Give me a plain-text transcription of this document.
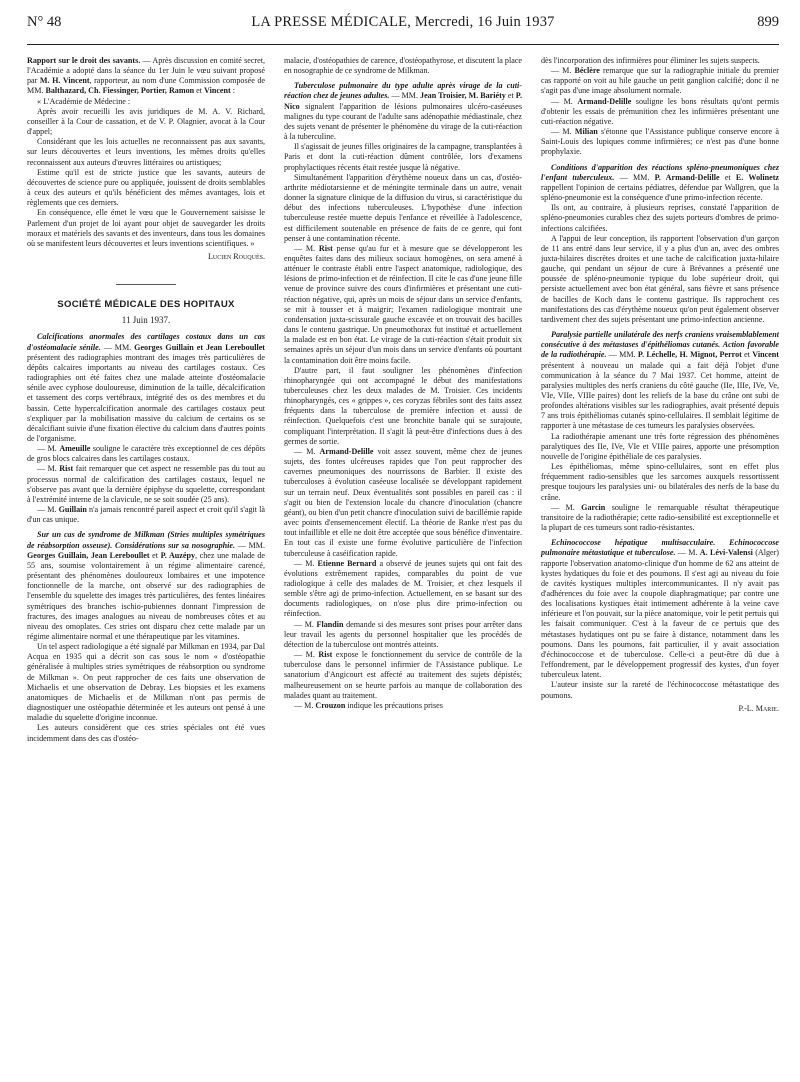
N° 48	LA PRESSE MÉDICALE, Mercredi, 16 Juin 1937	899

Rapport sur le droit des savants. — Après discussion en comité secret, l'Académie a adopté dans la séance du 1er Juin le vœu suivant proposé par M. H. Vincent, rapporteur, au nom d'une Commission composée de MM. Balthazard, Ch. Fiessinger, Portier, Ramon et Vincent :

« L'Académie de Médecine :

Après avoir recueilli les avis juridiques de M. A. V. Richard, conseiller à la Cour de cassation, et de V. P. Olagnier, avocat à la Cour d'appel;

Considérant que les lois actuelles ne reconnaissent pas aux savants, sur leurs découvertes et leurs inventions, les mêmes droits qu'elles reconnaissent aux auteurs d'œuvres littéraires ou artistiques;

Estime qu'il est de stricte justice que les savants, auteurs de découvertes de science pure ou appliquée, jouissent de droits semblables à ceux des auteurs et qu'ils bénéficient des mêmes avantages, lois et règlements que ces derniers.

En conséquence, elle émet le vœu que le Gouvernement saisisse le Parlement d'un projet de loi ayant pour objet de sauvegarder les droits moraux et matériels des savants et des inventeurs, dans tous les domaines où se manifestent leurs découvertes et leurs inventions scientifiques. »

Lucien Rouquès.

SOCIÉTÉ MÉDICALE DES HOPITAUX
11 Juin 1937.

Calcifications anormales des cartilages costaux dans un cas d'ostéomalacie sénile. — MM. Georges Guillain et Jean Lereboullet présentent des radiographies montrant des images très particulières de dépôts calcaires importants au niveau des cartilages costaux. Ces radiographies ont été faites chez une malade atteinte d'ostéomalacie sénile avec cyphose douloureuse, diminution de la taille, décalcification et tassement des corps vertébraux, intégrité des os des membres et du bassin. Cette hypercalcification anormale des cartilages costaux peut s'expliquer par la mobilisation massive du calcium de certains os se décalcifiant suivie d'une fixation élective du calcium dans d'autres points de l'organisme.

— M. Ameuille souligne le caractère très exceptionnel de ces dépôts de gros blocs calcaires dans les cartilages costaux.

— M. Rist fait remarquer que cet aspect ne ressemble pas du tout au processus normal de calcification des cartilages costaux, lequel ne s'observe pas avant que la dernière épiphyse du squelette, correspondant à l'extrémité interne de la clavicule, ne se soit soudée (25 ans).

— M. Guillain n'a jamais rencontré pareil aspect et croit qu'il s'agit là d'un cas unique.

Sur un cas de syndrome de Milkman (Stries multiples symétriques de réabsorption osseuse). Considérations sur sa nosographie. — MM. Georges Guillain, Jean Lereboullet et P. Auzépy, chez une malade de 55 ans, soumise volontairement à un régime alimentaire carencé, présentant des phénomènes douloureux lombaires et une impotence fonctionnelle de la marche, ont observé sur des radiographies de l'ensemble du squelette des images très particulières, des fentes linéaires symétriques des branches ischio-pubiennes donnant l'impression de fractures, des images analogues au niveau de nombreuses côtes et au niveau des omoplates. Ces stries ont disparu chez cette malade par un régime alimentaire normal et une thérapeutique par les vitamines.

Un tel aspect radiologique a été signalé par Milkman en 1934, par Dal Acqua en 1935 qui a décrit son cas sous le nom « d'ostéopathie généralisée à multiples stries symétriques de réabsorption ou syndrome de Milkman ». On peut rapprocher de ces faits une observation de Michaelis et une observation de Debray. Les biopsies et les examens anatomiques de Michaelis et de Milkman n'ont pas permis de diagnostiquer une ostéopathie déterminée et les auteurs ont pensé à une maladie du squelette d'origine inconnue.

Les auteurs considèrent que ces stries spéciales ont été vues incidemment dans des cas d'ostéo-

malacie, d'ostéopathies de carence, d'ostéopathyrose, et discutent la place en nosographie de ce syndrome de Milkman.

Tuberculose pulmonaire du type adulte après virage de la cuti-réaction chez de jeunes adultes. — MM. Jean Troisier, M. Bariéty et P. Nico signalent l'apparition de lésions pulmonaires ulcéro-caséeuses malignes du type courant de l'adulte sans adénopathie médiastinale, chez des sujets venant de présenter le phénomène du virage de la cuti-réaction à la tuberculine.

Il s'agissait de jeunes filles originaires de la campagne, transplantées à Paris et dont la cuti-réaction dûment contrôlée, lors d'examens prophylactiques récents était restée jusque là négative.

Simultanément l'apparition d'érythème noueux dans un cas, d'ostéo-arthrite médiotarsienne et de méningite terminale dans un autre, venait donner la signature clinique de la diffusion du virus, si caractéristique du début des infections tuberculeuses. L'hypothèse d'une infection tuberculeuse restée muette depuis l'enfance et réveillée à l'adolescence, est difficilement soutenable en présence de faits de ce genre, qui font penser à une contamination récente.

— M. Rist pense qu'au fur et à mesure que se développeront les enquêtes faites dans des milieux sociaux homogènes, on sera amené à atténuer le contraste établi entre l'aspect anatomique, radiologique, des lésions de primo-infection et de réinfection. Il cite le cas d'une jeune fille venue de province suivre des cours d'infirmières et présentant une cuti-réaction négative, qui, après un mois de séjour dans un service d'enfants, se mit à tousser et à maigrir; l'examen radiologique montrait une condensation juxta-scissurale gauche excavée et on trouvait des bacilles dans le contenu gastrique. Un pneumothorax fut institué et actuellement la malade est en bon état. Le virage de la cuti-réaction s'était produit six semaines après un séjour d'un mois dans un service d'enfants où pourtant la contamination doit être moins facile.

D'autre part, il faut souligner les phénomènes d'infection rhinopharyngée qui ont accompagné le début des manifestations tuberculeuses chez les deux malades de M. Troisier. Ces incidents rhinopharyngés, ces « grippes », ces coryzas fébriles sont des faits assez fréquents dans la tuberculose de première infection et aussi de réinfection. Quelquefois c'est une bronchite banale qui se surajoute, compliquant l'interprétation. Il s'agit là peut-être d'infections dues à des germes de sortie.

— M. Armand-Delille voit assez souvent, même chez de jeunes sujets, des fontes ulcéreuses rapides que l'on peut rapprocher des cavernes pneumoniques des nourrissons de Barbier. Il existe des tuberculoses à évolution caséeuse localisée se développant rapidement sur un terrain neuf. Deux éventualités sont possibles en pareil cas : il s'agit ou bien de l'extension locale du chancre d'inoculation (chancre géant), ou bien d'un petit chancre d'inoculation suivi de bacillémie rapide avec points d'ensemencement électif. La théorie de Ranke n'est pas du tout infaillible et elle ne doit être acceptée que sous bénéfice d'inventaire. En tout cas il existe une forme évolutive particulière de l'infection tuberculeuse à caséification rapide.

— M. Etienne Bernard a observé de jeunes sujets qui ont fait des évolutions extrêmement rapides, comparables du point de vue radiologique à celle des malades de M. Troisier, et chez lesquels il semble s'être agi de primo-infection. Actuellement, en se basant sur des documents radiologiques, on n'ose plus dire primo-infection ou réinfection.

— M. Flandin demande si des mesures sont prises pour arrêter dans leur travail les agents du personnel hospitalier que les procédés de détection de la tuberculose ont montrés atteints.

— M. Rist expose le fonctionnement du service de contrôle de la tuberculose dans le personnel infirmier de l'Assistance publique. Le sanatorium d'Angicourt est affecté au traitement des sujets dépistés; malheureusement on se heurte parfois au manque de collaboration des malades quant au traitement.

— M. Crouzon indique les précautions prises

dès l'incorporation des infirmières pour éliminer les sujets suspects.

— M. Béclère remarque que sur la radiographie initiale du premier cas rapporté on voit au hile gauche un petit ganglion calcifié; donc il ne s'agit pas d'une image absolument normale.

— M. Armand-Delille souligne les bons résultats qu'ont permis d'obtenir les essais de prémunition chez les infirmières présentant une cuti-réaction négative.

— M. Milian s'étonne que l'Assistance publique conserve encore à Saint-Louis des lupiques comme infirmières; ce n'est pas d'une bonne prophylaxie.

Conditions d'apparition des réactions spléno-pneumoniques chez l'enfant tuberculeux. — MM. P. Armand-Delille et E. Wolinetz rappellent l'opinion de certains pédiatres, défendue par Wallgren, que la spléno-pneumonie est la conséquence d'une primo-infection récente.

Ils ont, au contraire, à plusieurs reprises, constaté l'apparition de spléno-pneumonies curables chez des sujets porteurs d'ombres de primo-infections calcifiées.

A l'appui de leur conception, ils rapportent l'observation d'un garçon de 11 ans entré dans leur service, il y a plus d'un an, avec des ombres juxta-hilaires discrètes droites et une tache de calcification juxta-hilaire gauche, qui pendant un séjour de cure à Brévannes a présenté une poussée de spléno-pneumonie typique du lobe supérieur droit, qui persiste actuellement avec bon état général, sans fièvre et sans présence de bacilles de Koch dans le contenu gastrique. Ils rapprochent ces manifestations des cas d'érythème noueux qu'on peut également observer tardivement chez des sujets présentant une primo-infection ancienne.

Paralysie partielle unilatérale des nerfs craniens vraisemblablement consécutive à des métastases d'épithéliomas cutanés. Action favorable de la radiothérapie. — MM. P. Léchelle, H. Mignot, Perrot et Vincent présentent à nouveau un malade qui a fait déjà l'objet d'une communication à la séance du 7 Mai 1937. Cet homme, atteint de paralysies multiples des nerfs craniens du côté gauche (IIe, IIIe, IVe, Ve, VIe, VIIe, VIIIe paires) dont les reliefs de la base du crâne ont subi de profondes altérations visibles sur les radiographies, avait présenté depuis 7 ans trois épithéliomas cutanés spino-cellulaires. Il semblait légitime de rapporter à une métastase de ces tumeurs les paralysies observées.

La radiothérapie amenant une très forte régression des phénomènes paralytiques des IIe, IVe, VIe et VIIIe paires, apporte une présomption nouvelle de l'origine épithéliale de ces paralysies.

Les épithéliomas, même spino-cellulaires, sont en effet plus fréquemment radio-sensibles que les sarcomes auxquels ressortissent presque toujours les paralysies uni- ou bilatérales des nerfs de la base du crâne.

— M. Garcin souligne le remarquable résultat thérapeutique transitoire de la radiothérapie; cette radio-sensibilité est exceptionnelle et la plupart de ces tumeurs sont radio-résistantes.

Echinococcose hépatique multisacculaire. Echinococcose pulmonaire métastatique et tuberculose. — M. A. Lévi-Valensi (Alger) rapporte l'observation anatomo-clinique d'un homme de 62 ans atteint de kystes hydatiques du foie et des poumons. Il s'est agi au niveau du foie de cavités kystiques multiples intercommunicantes. Il n'y avait pas d'adhérences du foie avec la coupole diaphragmatique; par contre une des localisations kystiques était intimement adhérente à la veine cave inférieure et l'on pouvait, sur la pièce anatomique, voir le petit pertuis qui les faisait communiquer. C'est à la faveur de ce pertuis que des métastases hydatiques ont pu se faire à distance, notamment dans les poumons. Dans les poumons, fait particulier, il y avait association d'échinococcose et de tuberculose. Celle-ci a peut-être dû due à l'effondrement, par le développement progressif des kystes, d'un foyer tuberculeux latent.

L'auteur insiste sur la rareté de l'échinococcose métastatique des poumons.

P.-L. Marie.
